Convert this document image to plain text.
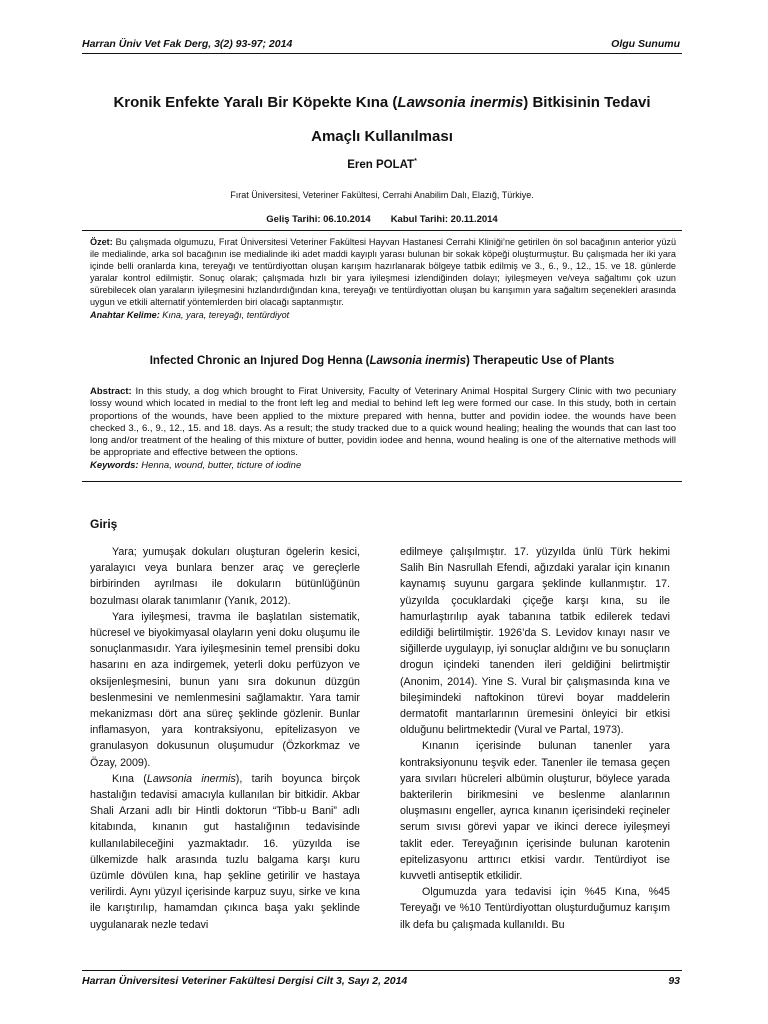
Harran Üniv Vet Fak Derg, 3(2) 93-97; 2014	Olgu Sunumu
Kronik Enfekte Yaralı Bir Köpekte Kına (Lawsonia inermis) Bitkisinin Tedavi
Amaçlı Kullanılması
Eren POLAT*
Fırat Üniversitesi, Veteriner Fakültesi, Cerrahi Anabilim Dalı, Elazığ, Türkiye.
Geliş Tarihi: 06.10.2014 Kabul Tarihi: 20.11.2014
Özet: Bu çalışmada olgumuzu, Fırat Üniversitesi Veteriner Fakültesi Hayvan Hastanesi Cerrahi Kliniği’ne getirilen ön sol bacağının anterior yüzü ile medialinde, arka sol bacağının ise medialinde iki adet maddi kayıplı yarası bulunan bir sokak köpeği oluşturmuştur. Bu çalışmada her iki yara içinde belli oranlarda kına, tereyağı ve tentürdiyottan oluşan karışım hazırlanarak bölgeye tatbik edilmiş ve 3., 6., 9., 12., 15. ve 18. günlerde yaralar kontrol edilmiştir. Sonuç olarak; çalışmada hızlı bir yara iyileşmesi izlendiğinden dolayı; iyileşmeyen ve/veya sağaltımı çok uzun sürebilecek olan yaraların iyileşmesini hızlandırdığından kına, tereyağı ve tentürdiyottan oluşan bu karışımın yara sağaltım seçenekleri arasında uygun ve etkili alternatif yöntemlerden biri olacağı saptanmıştır.
Anahtar Kelime: Kına, yara, tereyağı, tentürdiyot
Infected Chronic an Injured Dog Henna (Lawsonia inermis) Therapeutic Use of Plants
Abstract: In this study, a dog which brought to Firat University, Faculty of Veterinary Animal Hospital Surgery Clinic with two pecuniary lossy wound which located in medial to the front left leg and medial to behind left leg were formed our case. In this study, both in certain proportions of the wounds, have been applied to the mixture prepared with henna, butter and povidin iodee. the wounds have been checked 3., 6., 9., 12., 15. and 18. days. As a result; the study tracked due to a quick wound healing; healing the wounds that can last too long and/or treatment of the healing of this mixture of butter, povidin iodee and henna, wound healing is one of the alternative methods will be appropriate and effective between the options.
Keywords: Henna, wound, butter, ticture of iodine
Giriş

Yara; yumuşak dokuları oluşturan ögelerin kesici, yaralayıcı veya bunlara benzer araç ve gereçlerle birbirinden ayrılması ile dokuların bütünlüğünün bozulması olarak tanımlanır (Yanık, 2012).

Yara iyileşmesi, travma ile başlatılan sistematik, hücresel ve biyokimyasal olayların yeni doku oluşumu ile sonuçlanmasıdır. Yara iyileşmesinin temel prensibi doku hasarını en aza indirgemek, yeterli doku perfüzyon ve oksijenleşmesini, bunun yanı sıra dokunun düzgün beslenmesini ve nemlenmesini sağlamaktır. Yara tamir mekanizması dört ana süreç şeklinde gözlenir. Bunlar inflamasyon, yara kontraksiyonu, epitelizasyon ve granulasyon dokusunun oluşumudur (Özkorkmaz ve Özay, 2009).

Kına (Lawsonia inermis), tarih boyunca birçok hastalığın tedavisi amacıyla kullanılan bir bitkidir. Akbar Shali Arzani adlı bir Hintli doktorun “Tibb-u Bani” adlı kitabında, kınanın gut hastalığının tedavisinde kullanılabileceğini yazmaktadır. 16. yüzyılda ise ülkemizde halk arasında tuzlu balgama karşı kuru üzümle dövülen kına, hap şekline getirilir ve hastaya verilirdi. Aynı yüzyıl içerisinde karpuz suyu, sirke ve kına ile karıştırılıp, hamamdan çıkınca başa yakı şeklinde uygulanarak nezle tedavi

edilmeye çalışılmıştır. 17. yüzyılda ünlü Türk hekimi Salih Bin Nasrullah Efendi, ağızdaki yaralar için kınanın kaynamış suyunu gargara şeklinde kullanmıştır. 17. yüzyılda çocuklardaki çiçeğe karşı kına, su ile hamurlaştırılıp ayak tabanına tatbik edilerek tedavi edildiği belirtilmiştir. 1926’da S. Levidov kınayı nasır ve siğillerde uygulayıp, iyi sonuçlar aldığını ve bu sonuçların drogun içindeki tanenden ileri geldiğini belirtmiştir (Anonim, 2014). Yine S. Vural bir çalışmasında kına ve bileşimindeki naftokinon türevi boyar maddelerin dermatofit mantarlarının üremesini önleyici bir etkisi olduğunu belirtmektedir (Vural ve Partal, 1973).

Kınanın içerisinde bulunan tanenler yara kontraksiyonunu teşvik eder. Tanenler ile temasa geçen yara sıvıları hücreleri albümin oluşturur, böylece yarada bakterilerin birikmesini ve beslenme alanlarının oluşmasını engeller, ayrıca kınanın içerisindeki reçineler serum sıvısı görevi yapar ve ikinci derece iyileşmeyi taklit eder. Tereyağının içerisinde bulunan karotenin epitelizasyonu arttırıcı etkisi vardır. Tentürdiyot ise kuvvetli antiseptik etkilidir.

Olgumuzda yara tedavisi için %45 Kına, %45 Tereyağı ve %10 Tentürdiyottan oluşturduğumuz karışım ilk defa bu çalışmada kullanıldı. Bu

Harran Üniversitesi Veteriner Fakültesi Dergisi Cilt 3, Sayı 2, 2014	93
